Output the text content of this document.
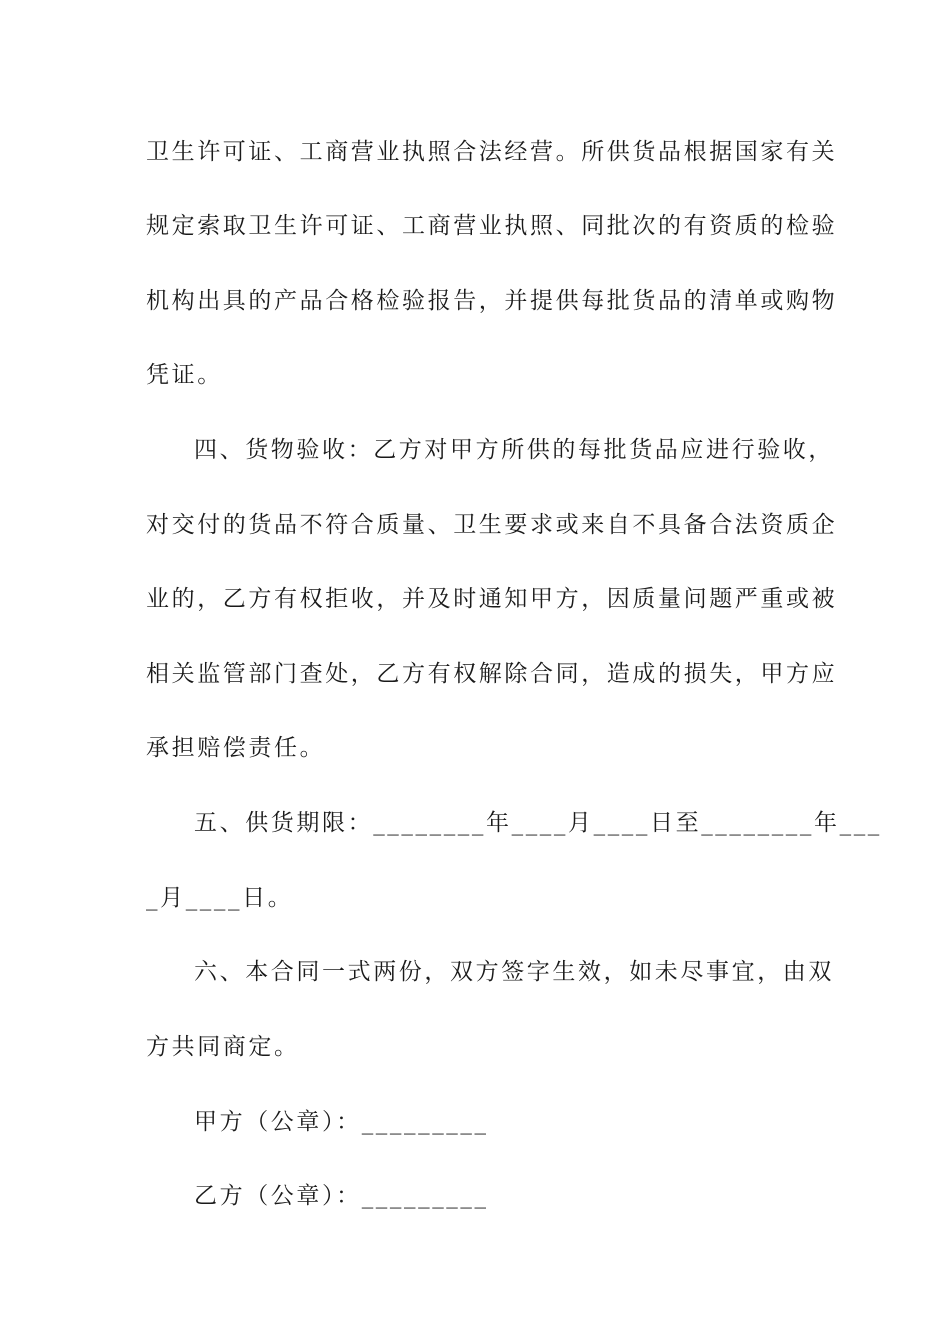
卫生许可证、工商营业执照合法经营。所供货品根据国家有关
规定索取卫生许可证、工商营业执照、同批次的有资质的检验
机构出具的产品合格检验报告，并提供每批货品的清单或购物
凭证。
四、货物验收：乙方对甲方所供的每批货品应进行验收，
对交付的货品不符合质量、卫生要求或来自不具备合法资质企
业的，乙方有权拒收，并及时通知甲方，因质量问题严重或被
相关监管部门查处，乙方有权解除合同，造成的损失，甲方应
承担赔偿责任。
五、供货期限：________年____月____日至________年___
_月____日。
六、本合同一式两份，双方签字生效，如未尽事宜，由双
方共同商定。
甲方（公章）：_________
乙方（公章）：_________
